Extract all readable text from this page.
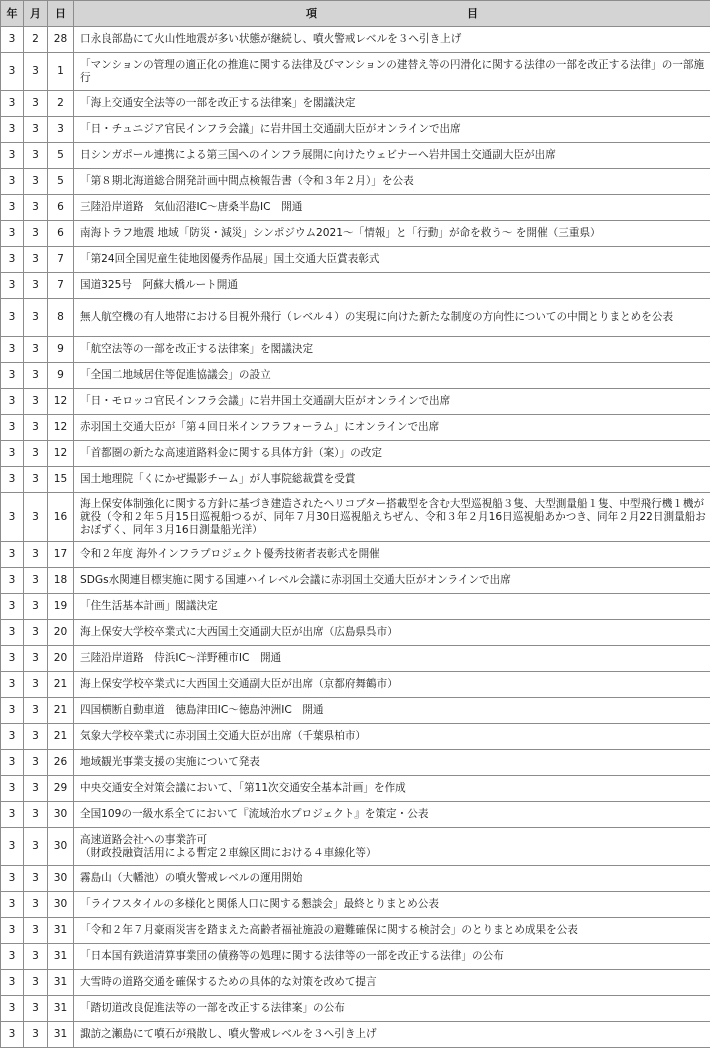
年	月	日	項 目
3	2	28	口永良部島にて火山性地震が多い状態が継続し、噴火警戒レベルを３へ引き上げ
3	3	1	「マンションの管理の適正化の推進に関する法律及びマンションの建替え等の円滑化に関する法律の一部を改正する法律」の一部施行
3	3	2	「海上交通安全法等の一部を改正する法律案」を閣議決定
3	3	3	「日・チュニジア官民インフラ会議」に岩井国土交通副大臣がオンラインで出席
3	3	5	日シンガポール連携による第三国へのインフラ展開に向けたウェビナーへ岩井国土交通副大臣が出席
3	3	5	「第８期北海道総合開発計画中間点検報告書（令和３年２月）」を公表
3	3	6	三陸沿岸道路　気仙沼港IC〜唐桑半島IC　開通
3	3	6	南海トラフ地震 地域「防災・減災」シンポジウム2021〜「情報」と「行動」が命を救う〜 を開催（三重県）
3	3	7	「第24回全国児童生徒地図優秀作品展」国土交通大臣賞表彰式
3	3	7	国道325号　阿蘇大橋ルート開通
3	3	8	無人航空機の有人地帯における目視外飛行（レベル４）の実現に向けた新たな制度の方向性についての中間とりまとめを公表
3	3	9	「航空法等の一部を改正する法律案」を閣議決定
3	3	9	「全国二地域居住等促進協議会」の設立
3	3	12	「日・モロッコ官民インフラ会議」に岩井国土交通副大臣がオンラインで出席
3	3	12	赤羽国土交通大臣が「第４回日米インフラフォーラム」にオンラインで出席
3	3	12	「首都圏の新たな高速道路料金に関する具体方針（案）」の改定
3	3	15	国土地理院「くにかぜ撮影チーム」が人事院総裁賞を受賞
3	3	16	海上保安体制強化に関する方針に基づき建造されたヘリコプター搭載型を含む大型巡視船３隻、大型測量船１隻、中型飛行機１機が就役（令和２年５月15日巡視船つるが、同年７月30日巡視船えちぜん、令和３年２月16日巡視船あかつき、同年２月22日測量船おおぼずく、同年３月16日測量船光洋）
3	3	17	令和２年度 海外インフラプロジェクト優秀技術者表彰式を開催
3	3	18	SDGs水関連目標実施に関する国連ハイレベル会議に赤羽国土交通大臣がオンラインで出席
3	3	19	「住生活基本計画」閣議決定
3	3	20	海上保安大学校卒業式に大西国土交通副大臣が出席（広島県呉市）
3	3	20	三陸沿岸道路　侍浜IC〜洋野種市IC　開通
3	3	21	海上保安学校卒業式に大西国土交通副大臣が出席（京都府舞鶴市）
3	3	21	四国横断自動車道　徳島津田IC〜徳島沖洲IC　開通
3	3	21	気象大学校卒業式に赤羽国土交通大臣が出席（千葉県柏市）
3	3	26	地域観光事業支援の実施について発表
3	3	29	中央交通安全対策会議において、「第11次交通安全基本計画」を作成
3	3	30	全国109の一級水系全てにおいて『流域治水プロジェクト』を策定・公表
3	3	30	高速道路会社への事業許可
（財政投融資活用による暫定２車線区間における４車線化等）
3	3	30	霧島山（大幡池）の噴火警戒レベルの運用開始
3	3	30	「ライフスタイルの多様化と関係人口に関する懇談会」最終とりまとめ公表
3	3	31	「令和２年７月豪雨災害を踏まえた高齢者福祉施設の避難確保に関する検討会」のとりまとめ成果を公表
3	3	31	「日本国有鉄道清算事業団の債務等の処理に関する法律等の一部を改正する法律」の公布
3	3	31	大雪時の道路交通を確保するための具体的な対策を改めて提言
3	3	31	「踏切道改良促進法等の一部を改正する法律案」の公布
3	3	31	諏訪之瀬島にて噴石が飛散し、噴火警戒レベルを３へ引き上げ
